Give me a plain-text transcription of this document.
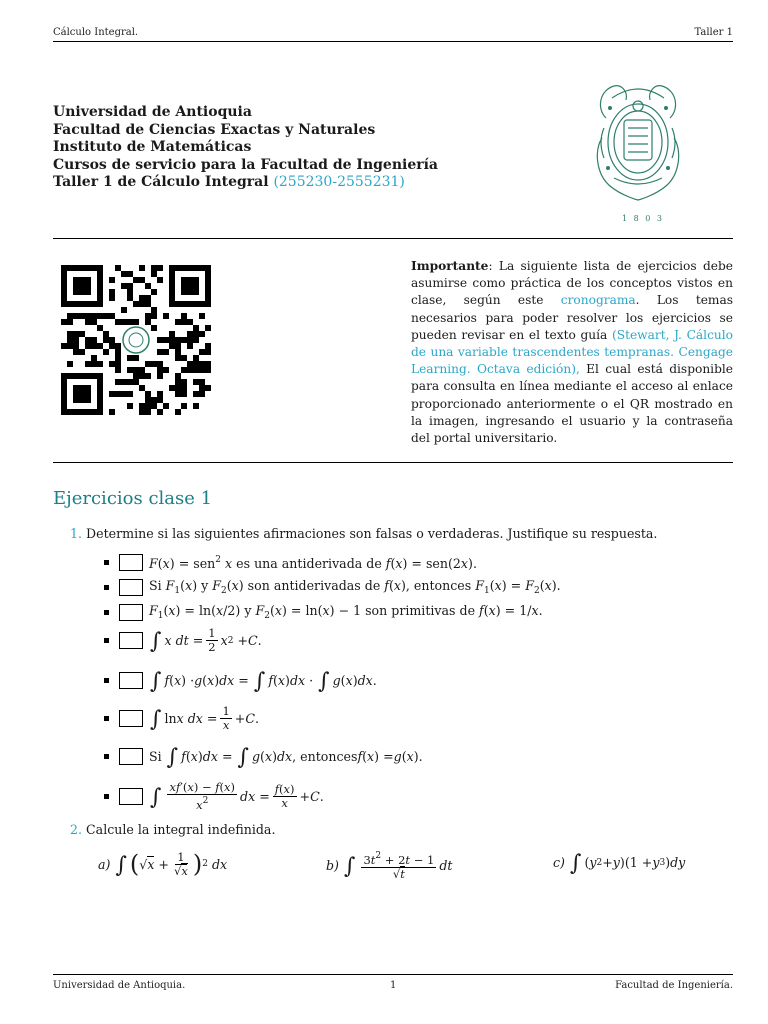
Cálculo Integral.	Taller 1
Universidad de Antioquia
Facultad de Ciencias Exactas y Naturales
Instituto de Matemáticas
Cursos de servicio para la Facultad de Ingeniería
Taller 1 de Cálculo Integral (255230-2555231)
1 8 0 3
Importante: La siguiente lista de ejercicios debe asumirse como práctica de los conceptos vistos en clase, según este cronograma. Los temas necesarios para poder resolver los ejercicios se pueden revisar en el texto guía (Stewart, J. Cálculo de una variable trascendentes tempranas. Cengage Learning. Octava edición), El cual está disponible para consulta en línea mediante el acceso al enlace proporcionado anteriormente o el QR mostrado en la imagen, ingresando el usuario y la contraseña del portal universitario.
Ejercicios clase 1
1. Determine si las siguientes afirmaciones son falsas o verdaderas. Justifique su respuesta.
F(x) = sen$^2$ x es una antiderivada de f(x) = sen(2x).
Si $F_1(x)$ y $F_2(x)$ son antiderivadas de f(x), entonces $F_1(x) = F_2(x)$.
$F_1(x) = \ln(x/2)$ y $F_2(x) = \ln(x) - 1$ son primitivas de f(x) = 1/x.
∫ x dt = $\frac{1}{2}$ x 2 + C .
∫ f ( x ) · g ( x ) dx = ∫ f ( x ) dx · ∫ g ( x ) dx .
∫ ln x dx = $\frac{1}{x} + C$ .
Si ∫ f ( x ) dx = ∫ g ( x ) dx , entonces f ( x ) = g ( x ).
∫ $\frac{xf'(x) - f(x)}{x^2}$ dx = $\frac{f(x)}{x} + C$ .
2. Calcule la integral indefinida.
a)
∫ ( √ $x + \frac{1}{√x}$ ) 2
dx	b)
∫ $\frac{3t^2 + 2t - 1}{√t}$ dt	c)
∫ ( y 2 + y )(1 + y 3 ) dy
Universidad de Antioquia.	1	Facultad de Ingeniería.
